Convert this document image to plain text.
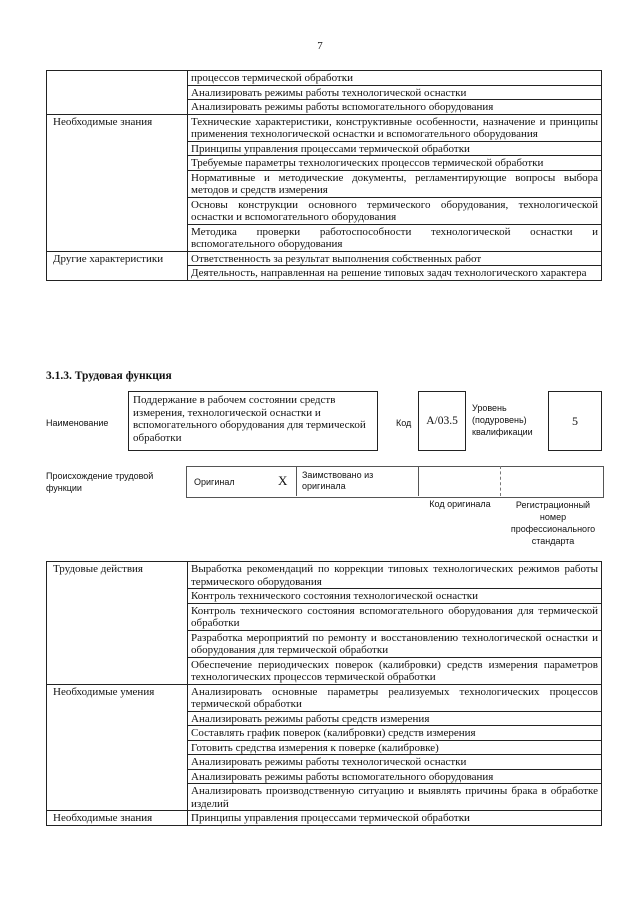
7
	процессов термической обработки
	Анализировать режимы работы технологической оснастки
	Анализировать режимы работы вспомогательного оборудования
Необходимые знания	Технические характеристики, конструктивные особенности, назначение и принципы применения технологической оснастки и вспомогательного оборудования
	Принципы управления процессами термической обработки
	Требуемые параметры технологических процессов термической обработки
	Нормативные и методические документы, регламентирующие вопросы выбора методов и средств измерения
	Основы конструкции основного термического оборудования, технологической оснастки и вспомогательного оборудования
	Методика проверки работоспособности технологической оснастки и вспомогательного оборудования
Другие характеристики	Ответственность за результат выполнения собственных работ
	Деятельность, направленная на решение типовых задач технологического характера
3.1.3. Трудовая функция
Наименование
Поддержание в рабочем состоянии средств измерения, технологической оснастки и вспомогательного оборудования для термической обработки
Код	А/03.5
Уровень (подуровень) квалификации
5
Происхождение трудовой функции
Оригинал	X Заимствовано из оригинала
Код оригинала	Регистрационный номер профессионального стандарта
Трудовые действия	Выработка рекомендаций по коррекции типовых технологических режимов работы термического оборудования
	Контроль технического состояния технологической оснастки
	Контроль технического состояния вспомогательного оборудования для термической обработки
	Разработка мероприятий по ремонту и восстановлению технологической оснастки и оборудования для термической обработки
	Обеспечение периодических поверок (калибровки) средств измерения параметров технологических процессов термической обработки
Необходимые умения	Анализировать основные параметры реализуемых технологических процессов термической обработки
	Анализировать режимы работы средств измерения
	Составлять график поверок (калибровки) средств измерения
	Готовить средства измерения к поверке (калибровке)
	Анализировать режимы работы технологической оснастки
	Анализировать режимы работы вспомогательного оборудования
	Анализировать производственную ситуацию и выявлять причины брака в обработке изделий
Необходимые знания	Принципы управления процессами термической обработки
